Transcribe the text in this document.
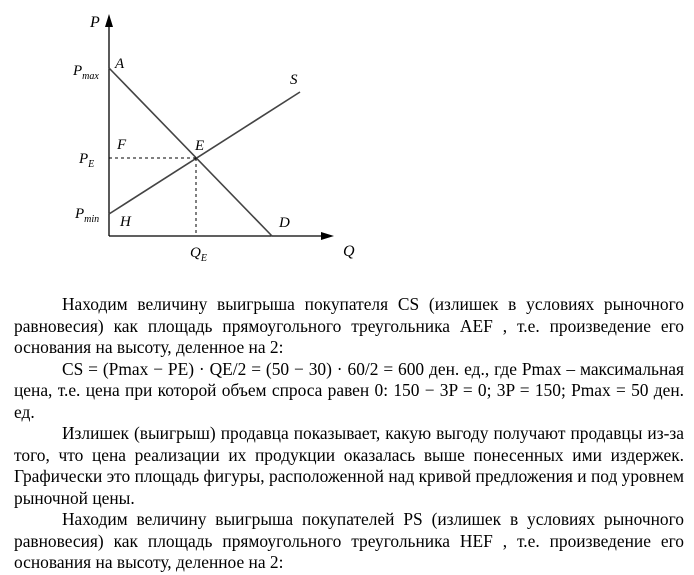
P
Q
$P_{max}$
$P_E$
$P_{min}$
$Q_E$
A
S
F	E
H	D

Находим величину выигрыша покупателя CS (излишек в условиях рыночного равновесия) как площадь прямоугольного треугольника AEF , т.е. произведение его основания на высоту, деленное на 2:

CS = (Pmax − PE) · QE/2 = (50 − 30) · 60/2 = 600 ден. ед., где Pmax – максимальная цена, т.е. цена при которой объем спроса равен 0: 150 − 3P = 0; 3P = 150; Pmax = 50 ден. ед.

Излишек (выигрыш) продавца показывает, какую выгоду получают продавцы из-за того, что цена реализации их продукции оказалась выше понесенных ими издержек. Графически это площадь фигуры, расположенной над кривой предложения и под уровнем рыночной цены.

Находим величину выигрыша покупателей PS (излишек в условиях рыночного равновесия) как площадь прямоугольного треугольника HEF , т.е. произведение его основания на высоту, деленное на 2:
